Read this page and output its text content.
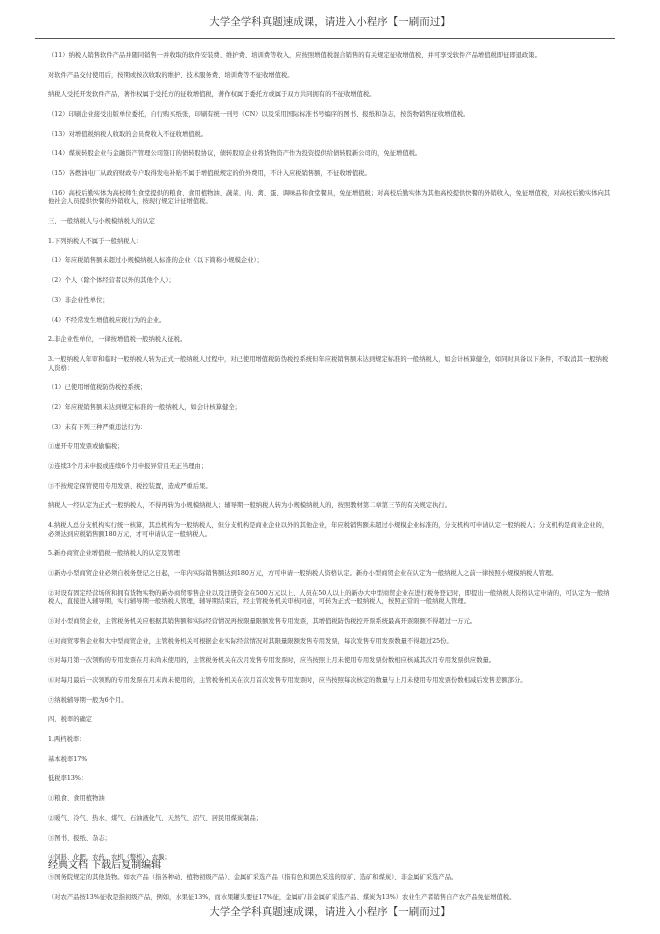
大学全学科真题速成课，请进入小程序【一刷而过】

（11）纳税人销售软件产品并随同销售一并收取的软件安装费、维护费、培训费等收入，应按照增值税混合销售的有关规定征收增值税，并可享受软件产品增值税即征即退政策。

对软件产品交付使用后，按期或按次收取的维护、技术服务费、培训费等不征收增值税。

纳税人受托开发软件产品，著作权属于受托方的征收增值税，著作权属于委托方或属于双方共同拥有的不征收增值税。

（12）印刷企业接受出版单位委托，自行购买纸张，印刷有统一刊号（CN）以及采用国际标准书号编序的图书、报纸和杂志，按货物销售征收增值税。

（13）对增值税纳税人收取的会员费收入不征收增值税。

（14）煤炭转股企业与金融资产管理公司签订的债转股协议，债转股原企业将货物资产作为投资提供给债转股新公司的，免征增值税。

（15）各燃油电厂从政府财政专户取得发电补贴不属于增值税规定的价外费用，不计入应税销售额，不征收增值税。

（16）高校后勤实体为高校师生食堂提供的粮食、食用植物油、蔬菜、肉、禽、蛋、调味品和食堂餐具，免征增值税；对高校后勤实体为其他高校提供快餐的外销收入，免征增值税，对高校后勤实体向其他社会人员提供快餐的外销收入，按现行规定计征增值税。

三、一般纳税人与小规模纳税人的认定

1.下列纳税人不属于一般纳税人：

（1）年应税销售额未超过小规模纳税人标准的企业（以下简称小规模企业）；

（2）个人（除个体经营者以外的其他个人）；

（3）非企业性单位；

（4）不经常发生增值税应税行为的企业。

2.非企业性单位，一律按增值税一般纳税人征税。

3.一般纳税人年审和临时一般纳税人转为正式一般纳税人过程中，对已使用增值税防伪税控系统但年应税销售额未达到规定标准的一般纳税人，如会计核算健全，如同时具备以下条件，不取消其一般纳税人资格：

（1）已使用增值税防伪税控系统；

（2）年应税销售额未达到规定标准的一般纳税人，如会计核算健全；

（3）未有下列三种严重违法行为：

①虚开专用发票或偷骗税；

②连续3个月未申报或连续6个月申报异常且无正当理由；

③不按规定保管使用专用发票、税控装置，造成严重后果。

纳税人一经认定为正式一般纳税人，不得再转为小规模纳税人；辅导期一般纳税人转为小规模纳税人的，按照教材第二章第三节的有关规定执行。

4.纳税人总分支机构实行统一核算，其总机构为一般纳税人，但分支机构是商业企业以外的其他企业，年应税销售额未超过小规模企业标准的，分支机构可申请认定一般纳税人；分支机构是商业企业的，必须达到应税销售额180万元，才可申请认定一般纳税人。

5.新办商贸企业增值税一般纳税人的认定及管理

①新办小型商贸企业必须自税务登记之日起，一年内实际销售额达到180万元，方可申请一般纳税人资格认定。新办小型商贸企业在认定为一般纳税人之前一律按照小规模纳税人管理。

②对设有固定经营场所和拥有货物实物的新办商贸零售企业以及注册资金在500万元以上、人员在50人以上的新办大中型商贸企业在进行税务登记时，即提出一般纳税人资格认定申请的，可认定为一般纳税人，直接进入辅导期，实行辅导期一般纳税人管理，辅导期结束后，经主管税务机关审核同意，可转为正式一般纳税人，按照正常的一般纳税人管理。

③对小型商贸企业，主管税务机关应根据其销售额和实际经营情况再按限量限额发售专用发票，其增值税防伪税控开票系统最高开票限额不得超过一万元。

④对商贸零售企业和大中型商贸企业，主管税务机关可根据企业实际经营情况对其限量限额发售专用发票，每次发售专用发票数量不得超过25份。

⑤对每月第一次领购的专用发票在月末尚未使用的，主管税务机关在次月发售专用发票时，应当按照上月未使用专用发票份数相应核减其次月专用发票供应数量。

⑥对每月最后一次领购的专用发票在月末尚未使用的，主管税务机关在次月首次发售专用发票时，应当按照每次核定的数量与上月未使用专用发票份数相减后发售差额部分。

⑦纳税辅导期一般为6个月。

四、税率的确定

1.两档税率：

基本税率17%

低税率13%：

①粮食、食用植物油

②暖气、冷气、热水、煤气、石油液化气、天然气、沼气、居民用煤炭制品；

③图书、报纸、杂志；

④饲料、化肥、农药、农机（整机）、农膜；

⑤国务院规定的其他货物。如农产品（指各种动、植物初级产品）、金属矿采选产品（指有色和黑色采选的原矿、选矿和煤炭）、非金属矿采选产品。

（对农产品按13%征收是指初级产品，例如，水果征13%，而水果罐头要征17%征，金属矿/非金属矿采选产品、煤炭为13%）农业生产者销售自产农产品免征增值税。

经典文档 下载后复制编辑
大学全学科真题速成课，请进入小程序【一刷而过】
